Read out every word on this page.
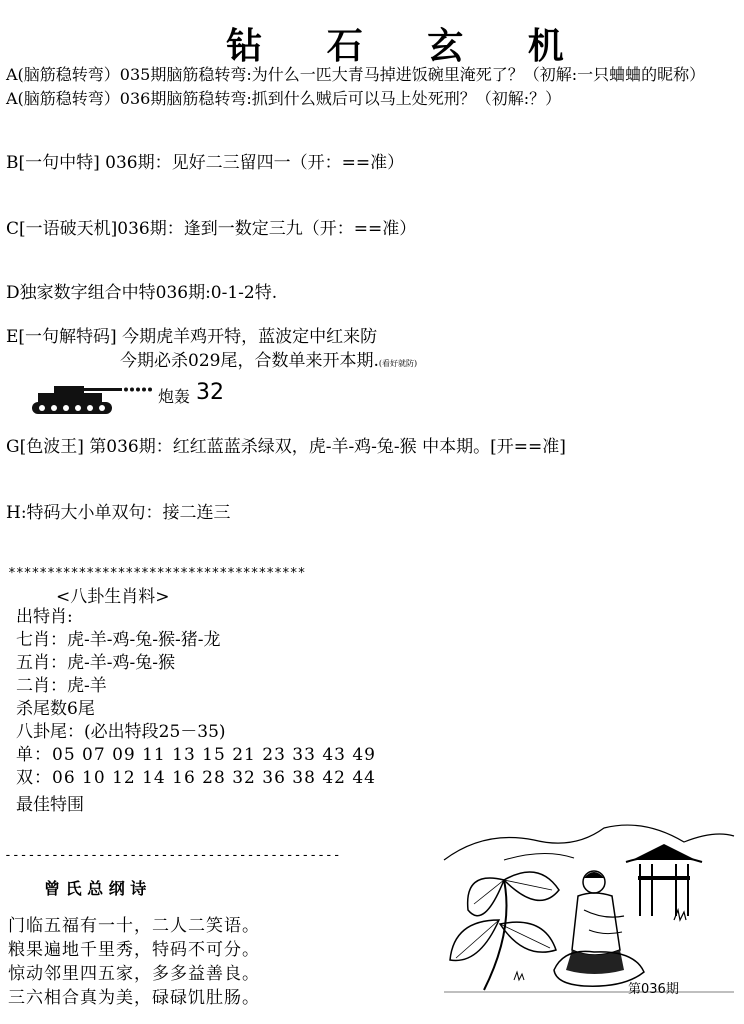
钻 石 玄 机
A(脑筋稳转弯）035期脑筋稳转弯:为什么一匹大青马掉进饭碗里淹死了？（初解:一只蛐蛐的昵称）
A(脑筋稳转弯）036期脑筋稳转弯:抓到什么贼后可以马上处死刑？（初解:？）
B[一句中特] 036期：见好二三留四一（开：==准）
C[一语破天机]036期：逢到一数定三九（开：==准）
D独家数字组合中特036期:0-1-2特.
E[一句解特码] 今期虎羊鸡开特，蓝波定中红来防
今期必杀029尾，合数单来开本期.(看好就防)
炮轰 32
G[色波王] 第036期：红红蓝蓝杀绿双，虎-羊-鸡-兔-猴 中本期。[开==准]
H:特码大小单双句：接二连三
**************************************
<八卦生肖料>
出特肖:
七肖：虎-羊-鸡-兔-猴-猪-龙
五肖：虎-羊-鸡-兔-猴
二肖：虎-羊
杀尾数6尾
八卦尾：(必出特段25－35)
单：05 07 09 11 13 15 21 23 33 43 49
双：06 10 12 14 16 28 32 36 38 42 44
最佳特围
-------------------------------------------
曾 氏 总 纲 诗
门临五福有一十，二人二笑语。
粮果遍地千里秀，特码不可分。
惊动邻里四五家，多多益善良。
三六相合真为美，碌碌饥肚肠。	第036期
